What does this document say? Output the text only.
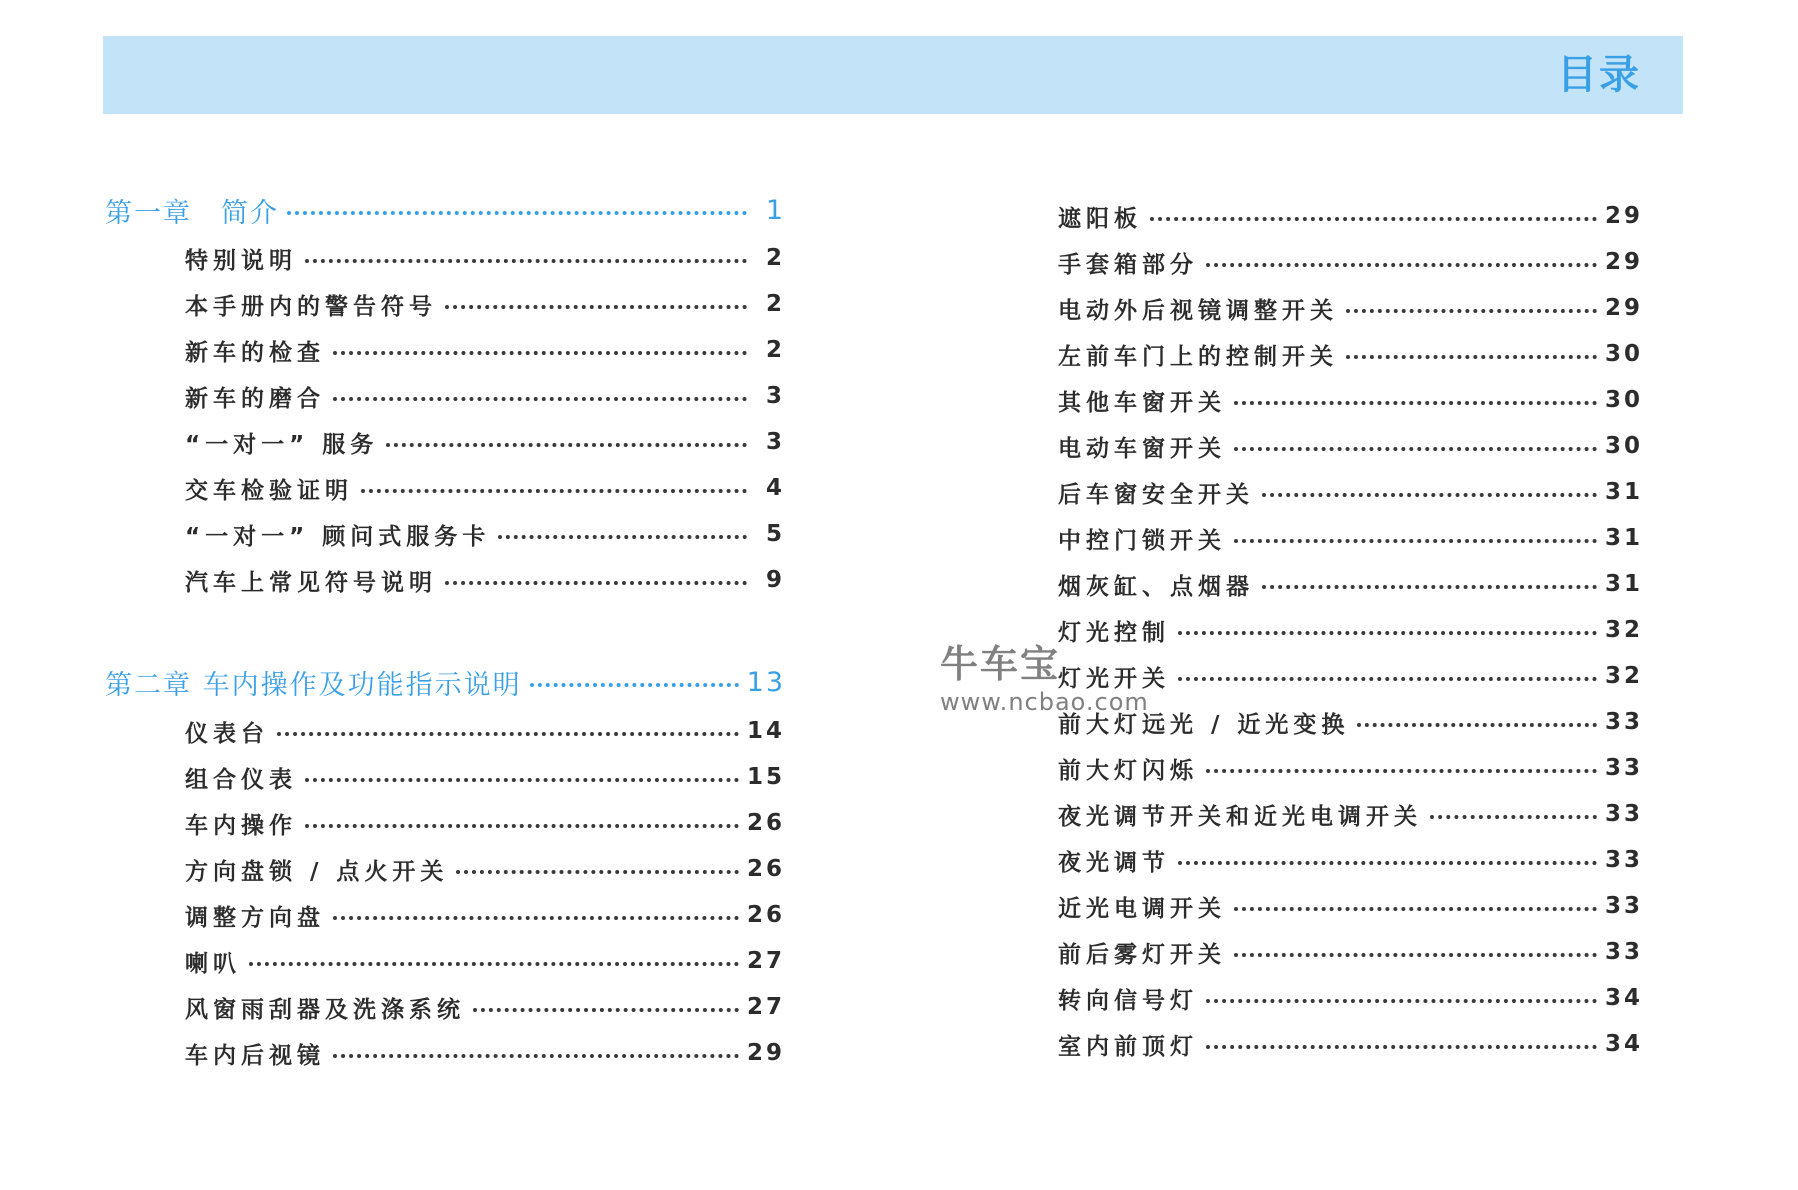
目录
第一章　简介	1
特别说明	2
本手册内的警告符号	2
新车的检查	2
新车的磨合	3
“一对一” 服务	3
交车检验证明	4
“一对一” 顾问式服务卡	5
汽车上常见符号说明	9
第二章 车内操作及功能指示说明	13
仪表台	14
组合仪表	15
车内操作	26
方向盘锁 / 点火开关	26
调整方向盘	26
喇叭	27
风窗雨刮器及洗涤系统	27
车内后视镜	29
遮阳板	29
手套箱部分	29
电动外后视镜调整开关	29
左前车门上的控制开关	30
其他车窗开关	30
电动车窗开关	30
后车窗安全开关	31
中控门锁开关	31
烟灰缸、点烟器	31
灯光控制	32
灯光开关	32
前大灯远光 / 近光变换	33
前大灯闪烁	33
夜光调节开关和近光电调开关	33
夜光调节	33
近光电调开关	33
前后雾灯开关	33
转向信号灯	34
室内前顶灯	34
牛车宝
www.ncbao.com
